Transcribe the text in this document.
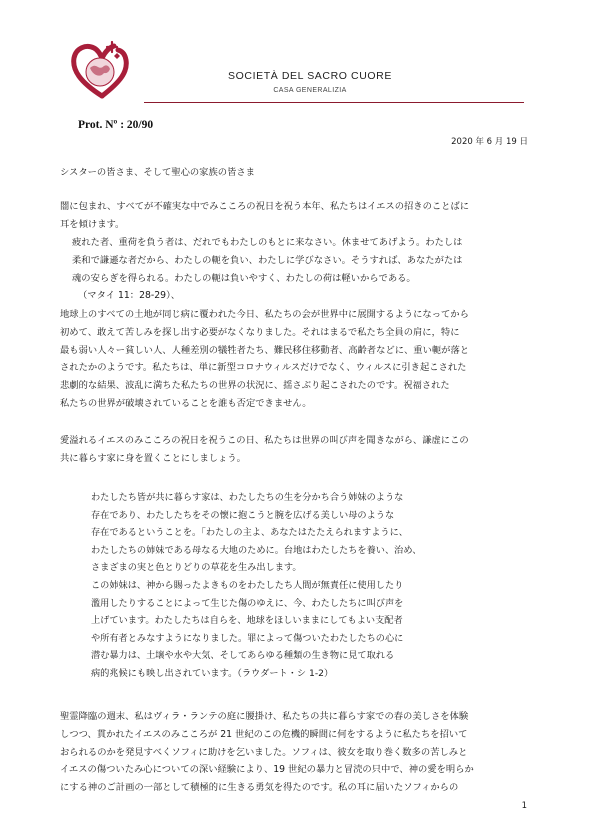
SOCIETÀ DEL SACRO CUORE
CASA GENERALIZIA
Prot. Nº : 20/90
2020 年 6 月 19 日
シスターの皆さま、そして聖心の家族の皆さま
闇に包まれ、すべてが不確実な中でみこころの祝日を祝う本年、私たちはイエスの招きのことばに
耳を傾けます。
疲れた者、重荷を負う者は、だれでもわたしのもとに来なさい。休ませてあげよう。わたしは
柔和で謙遜な者だから、わたしの軛を負い、わたしに学びなさい。そうすれば、あなたがたは
魂の安らぎを得られる。わたしの軛は負いやすく、わたしの荷は軽いからである。
（マタイ 11：28-29）、
地球上のすべての土地が同じ病に覆われた今日、私たちの会が世界中に展開するようになってから
初めて、敢えて苦しみを探し出す必要がなくなりました。それはまるで私たち全員の肩に，特に
最も弱い人々ー貧しい人、人種差別の犠牲者たち、難民移住移動者、高齢者などに、重い軛が落と
されたかのようです。私たちは、単に新型コロナウィルスだけでなく、ウィルスに引き起こされた
悲劇的な結果、波乱に満ちた私たちの世界の状況に、揺さぶり起こされたのです。祝福された
私たちの世界が破壊されていることを誰も否定できません。
愛溢れるイエスのみこころの祝日を祝うこの日、私たちは世界の叫び声を聞きながら、謙虚にこの
共に暮らす家に身を置くことにしましょう。
わたしたち皆が共に暮らす家は、わたしたちの生を分かち合う姉妹のような
存在であり、わたしたちをその懐に抱こうと腕を広げる美しい母のような
存在であるということを。「わたしの主よ、あなたはたたえられますように、
わたしたちの姉妹である母なる大地のために。台地はわたしたちを養い、治め、
さまざまの実と色とりどりの草花を生み出します。
この姉妹は、神から賜ったよきものをわたしたち人間が無責任に使用したり
濫用したりすることによって生じた傷のゆえに、今、わたしたちに叫び声を
上げています。わたしたちは自らを、地球をほしいままにしてもよい支配者
や所有者とみなすようになりました。罪によって傷ついたわたしたちの心に
潜む暴力は、土壌や水や大気、そしてあらゆる種類の生き物に見て取れる
病的兆候にも映し出されています。（ラウダート・シ 1-2）
聖霊降臨の週末、私はヴィラ・ランテの庭に腰掛け、私たちの共に暮らす家での春の美しさを体験
しつつ、貫かれたイエスのみこころが 21 世紀のこの危機的瞬間に何をするように私たちを招いて
おられるのかを発見すべくソフィに助けを乞いました。ソフィは、彼女を取り巻く数多の苦しみと
イエスの傷ついたみ心についての深い経験により、19 世紀の暴力と冒涜の只中で、神の愛を明らか
にする神のご計画の一部として積極的に生きる勇気を得たのです。私の耳に届いたソフィからの
1
